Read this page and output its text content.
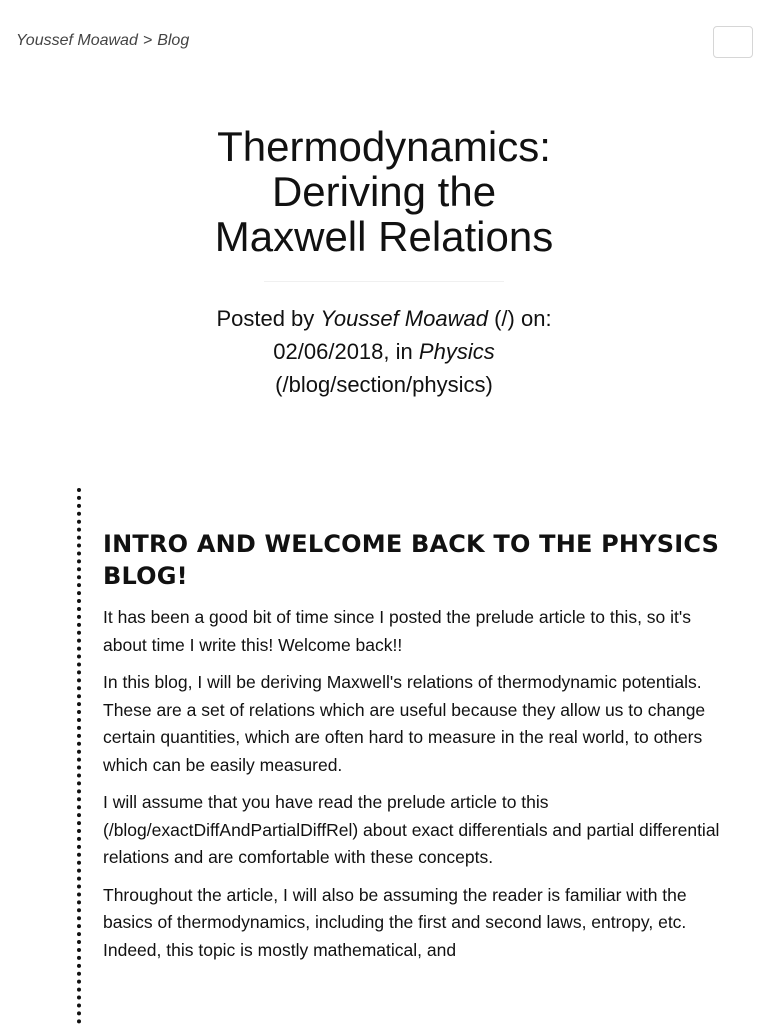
Youssef Moawad > Blog
Thermodynamics:
Deriving the
Maxwell Relations
Posted by Youssef Moawad (/) on:
02/06/2018, in Physics
(/blog/section/physics)
INTRO AND WELCOME BACK TO THE PHYSICS BLOG!

It has been a good bit of time since I posted the prelude article to this, so it's about time I write this! Welcome back!!

In this blog, I will be deriving Maxwell's relations of thermodynamic potentials. These are a set of relations which are useful because they allow us to change certain quantities, which are often hard to measure in the real world, to others which can be easily measured.

I will assume that you have read the prelude article to this (/blog/exactDiffAndPartialDiffRel) about exact differentials and partial differential relations and are comfortable with these concepts.

Throughout the article, I will also be assuming the reader is familiar with the basics of thermodynamics, including the first and second laws, entropy, etc. Indeed, this topic is mostly mathematical, and
